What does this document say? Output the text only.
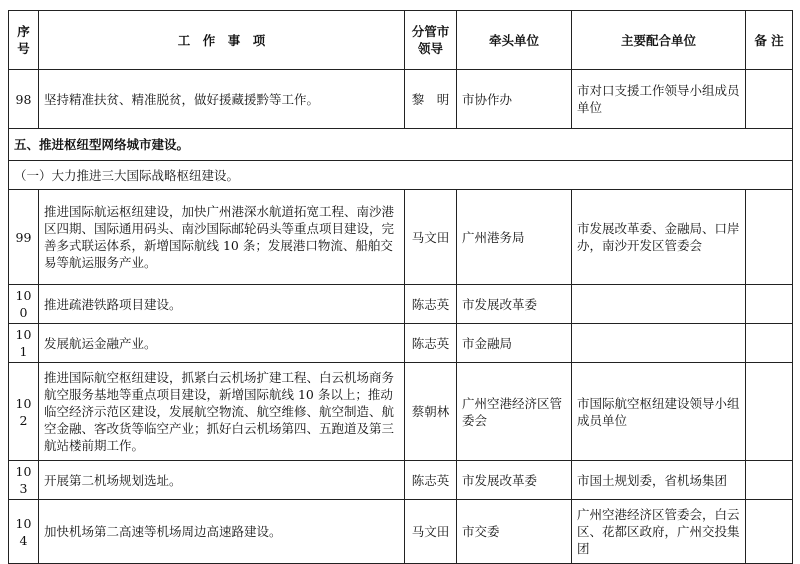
序号	工　作　事　项	分管市领导	牵头单位	主要配合单位	备 注
98	坚持精准扶贫、精准脱贫，做好援藏援黔等工作。	黎　明	市协作办	市对口支援工作领导小组成员单位	
五、推进枢纽型网络城市建设。					
（一）大力推进三大国际战略枢纽建设。					
99	推进国际航运枢纽建设，加快广州港深水航道拓宽工程、南沙港区四期、国际通用码头、南沙国际邮轮码头等重点项目建设，完善多式联运体系，新增国际航线 10 条；发展港口物流、船舶交易等航运服务产业。	马文田	广州港务局	市发展改革委、金融局、口岸办，南沙开发区管委会	
100	推进疏港铁路项目建设。	陈志英	市发展改革委		
101	发展航运金融产业。	陈志英	市金融局		
102	推进国际航空枢纽建设，抓紧白云机场扩建工程、白云机场商务航空服务基地等重点项目建设，新增国际航线 10 条以上；推动临空经济示范区建设，发展航空物流、航空维修、航空制造、航空金融、客改货等临空产业；抓好白云机场第四、五跑道及第三航站楼前期工作。	蔡朝林	广州空港经济区管委会	市国际航空枢纽建设领导小组成员单位	
103	开展第二机场规划选址。	陈志英	市发展改革委	市国土规划委，省机场集团	
104	加快机场第二高速等机场周边高速路建设。	马文田	市交委	广州空港经济区管委会，白云区、花都区政府，广州交投集团	
